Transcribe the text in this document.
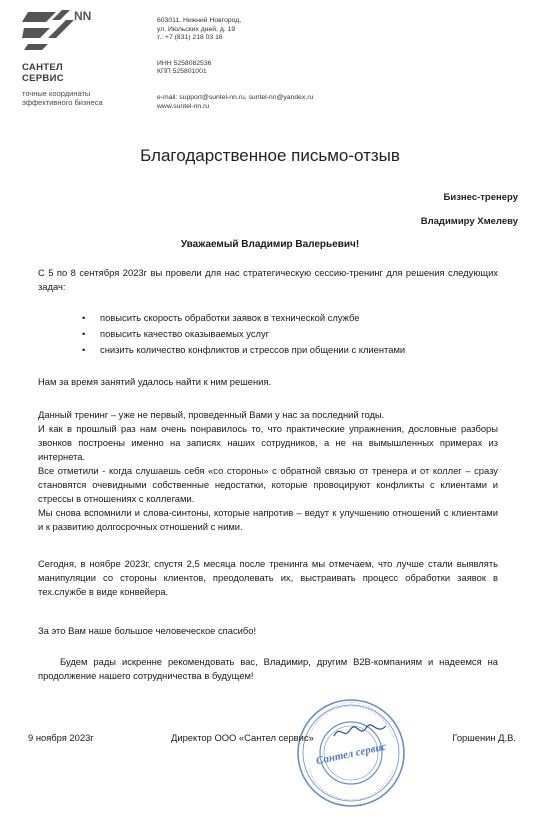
NN
САНТЕЛ
СЕРВИС
точные координаты
эффективного бизнеса
603011, Нижний Новгород,
ул. Июльских дней, д. 19
т.: +7 (831) 218 03 16
ИНН 5258082536
КПП 525801001
e-mail: support@suntel-nn.ru, suntel-nn@yandex.ru
www.suntel-nn.ru
Благодарственное письмо-отзыв
Бизнес-тренеру
Владимиру Хмелеву
Уважаемый Владимир Валерьевич!

С 5 по 8 сентября 2023г вы провели для нас стратегическую сессию-тренинг для решения следующих задач:

• повысить скорость обработки заявок в технической службе
• повысить качество оказываемых услуг
• снизить количество конфликтов и стрессов при общении с клиентами

Нам за время занятий удалось найти к ним решения.

Данный тренинг – уже не первый, проведенный Вами у нас за последний годы.

И как в прошлый раз нам очень понравилось то, что практические упражнения, дословные разборы звонков построены именно на записях наших сотрудников, а не на вымышленных примерах из интернета.

Все отметили - когда слушаешь себя «со стороны» с обратной связью от тренера и от коллег – сразу становятся очевидными собственные недостатки, которые провоцируют конфликты с клиентами и стрессы в отношениях с коллегами.

Мы снова вспомнили и слова-синтоны, которые напротив – ведут к улучшению отношений с клиентами и к развитию долгосрочных отношений с ними.

Сегодня, в ноябре 2023г, спустя 2,5 месяца после тренинга мы отмечаем, что лучше стали выявлять манипуляции со стороны клиентов, преодолевать их, выстраивать процесс обработки заявок в тех.службе в виде конвейера.

За это Вам наше большое человеческое спасибо!

Будем рады искренне рекомендовать вас, Владимир, другим B2B-компаниям и надеемся на продолжение нашего сотрудничества в будущем!

Сантел сервис
9 ноября 2023г	Директор ООО «Сантел сервис»	Горшенин Д.В.
